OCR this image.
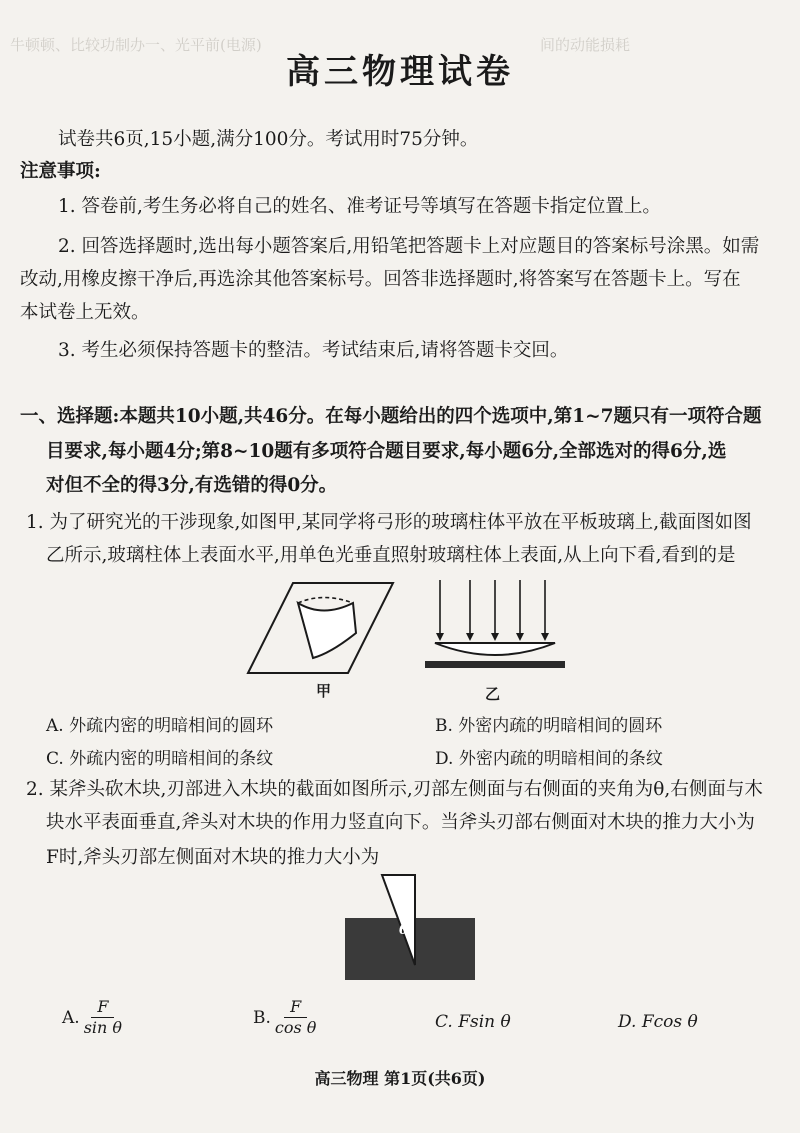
牛顿顿、比较功制办一、光平前(电源)	间的动能损耗
高三物理试卷
试卷共6页,15小题,满分100分。考试用时75分钟。
注意事项:
1. 答卷前,考生务必将自己的姓名、准考证号等填写在答题卡指定位置上。
2. 回答选择题时,选出每小题答案后,用铅笔把答题卡上对应题目的答案标号涂黑。如需
改动,用橡皮擦干净后,再选涂其他答案标号。回答非选择题时,将答案写在答题卡上。写在
本试卷上无效。
3. 考生必须保持答题卡的整洁。考试结束后,请将答题卡交回。
一、选择题:本题共10小题,共46分。在每小题给出的四个选项中,第1~7题只有一项符合题
目要求,每小题4分;第8~10题有多项符合题目要求,每小题6分,全部选对的得6分,选
对但不全的得3分,有选错的得0分。
1. 为了研究光的干涉现象,如图甲,某同学将弓形的玻璃柱体平放在平板玻璃上,截面图如图
乙所示,玻璃柱体上表面水平,用单色光垂直照射玻璃柱体上表面,从上向下看,看到的是
甲	乙
A. 外疏内密的明暗相间的圆环	B. 外密内疏的明暗相间的圆环
C. 外疏内密的明暗相间的条纹	D. 外密内疏的明暗相间的条纹
2. 某斧头砍木块,刃部进入木块的截面如图所示,刃部左侧面与右侧面的夹角为θ,右侧面与木
块水平表面垂直,斧头对木块的作用力竖直向下。当斧头刃部右侧面对木块的推力大小为
F时,斧头刃部左侧面对木块的推力大小为
θ
A. $\frac{F}{\text{sin θ}}$	B. $\frac{F}{\text{cos θ}}$	C. Fsin θ	D. Fcos θ
高三物理 第1页(共6页)
